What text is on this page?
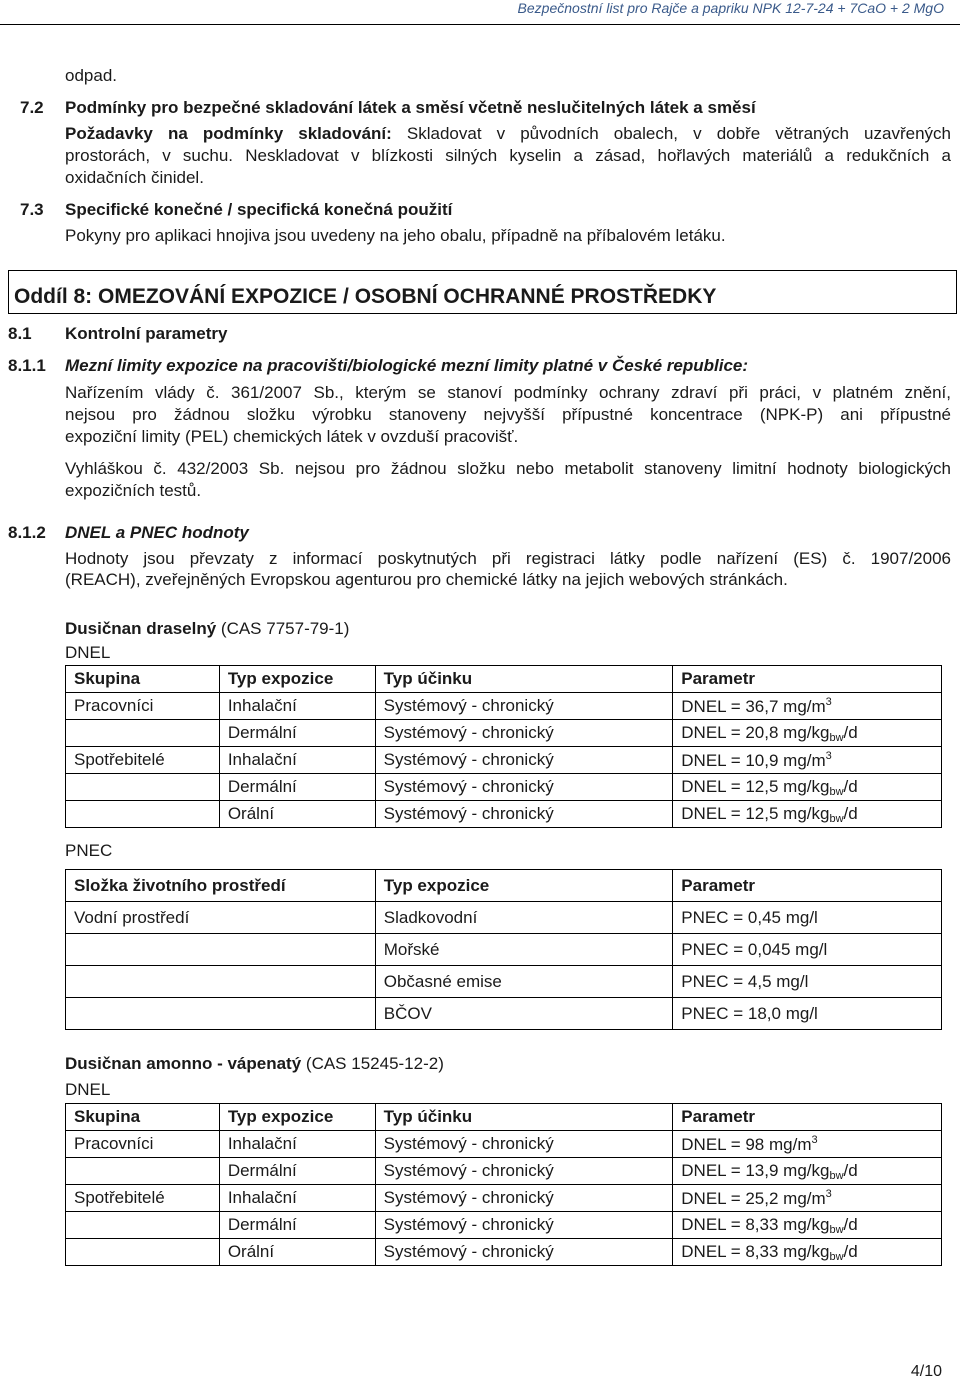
Bezpečnostní list pro Rajče a papriku NPK 12-7-24 + 7CaO + 2 MgO
odpad.
7.2 Podmínky pro bezpečné skladování látek a směsí včetně neslučitelných látek a směsí
Požadavky na podmínky skladování: Skladovat v původních obalech, v dobře větraných uzavřených
prostorách, v suchu. Neskladovat v blízkosti silných kyselin a zásad, hořlavých materiálů a redukčních a
oxidačních činidel.
7.3 Specifické konečné / specifická konečná použití
Pokyny pro aplikaci hnojiva jsou uvedeny na jeho obalu, případně na příbalovém letáku.
Oddíl 8: OMEZOVÁNÍ EXPOZICE / OSOBNÍ OCHRANNÉ PROSTŘEDKY
8.1 Kontrolní parametry
8.1.1 Mezní limity expozice na pracovišti/biologické mezní limity platné v České republice:
Nařízením vlády č. 361/2007 Sb., kterým se stanoví podmínky ochrany zdraví při práci, v platném znění,
nejsou pro žádnou složku výrobku stanoveny nejvyšší přípustné koncentrace (NPK-P) ani přípustné
expoziční limity (PEL) chemických látek v ovzduší pracovišť.
Vyhláškou č. 432/2003 Sb. nejsou pro žádnou složku nebo metabolit stanoveny limitní hodnoty biologických
expozičních testů.
8.1.2 DNEL a PNEC hodnoty
Hodnoty jsou převzaty z informací poskytnutých při registraci látky podle nařízení (ES) č. 1907/2006
(REACH), zveřejněných Evropskou agenturou pro chemické látky na jejich webových stránkách.
Dusičnan draselný (CAS 7757-79-1)
DNEL
Skupina	Typ expozice	Typ účinku	Parametr
Pracovníci	Inhalační	Systémový - chronický	DNEL = 36,7 $mg/m^3$
	Dermální	Systémový - chronický	DNEL = 20,8 $mg/kg_{bw}/d$
Spotřebitelé	Inhalační	Systémový - chronický	DNEL = 10,9 $mg/m^3$
	Dermální	Systémový - chronický	DNEL = 12,5 $mg/kg_{bw}/d$
	Orální	Systémový - chronický	DNEL = 12,5 $mg/kg_{bw}/d$
PNEC
Složka životního prostředí	Typ expozice	Parametr
Vodní prostředí	Sladkovodní	PNEC = 0,45 mg/l
	Mořské	PNEC = 0,045 mg/l
	Občasné emise	PNEC = 4,5 mg/l
	BČOV	PNEC = 18,0 mg/l
Dusičnan amonno - vápenatý (CAS 15245-12-2)
DNEL
Skupina	Typ expozice	Typ účinku	Parametr
Pracovníci	Inhalační	Systémový - chronický	DNEL = 98 $mg/m^3$
	Dermální	Systémový - chronický	DNEL = 13,9 $mg/kg_{bw}/d$
Spotřebitelé	Inhalační	Systémový - chronický	DNEL = 25,2 $mg/m^3$
	Dermální	Systémový - chronický	DNEL = 8,33 $mg/kg_{bw}/d$
	Orální	Systémový - chronický	DNEL = 8,33 $mg/kg_{bw}/d$
4/10
